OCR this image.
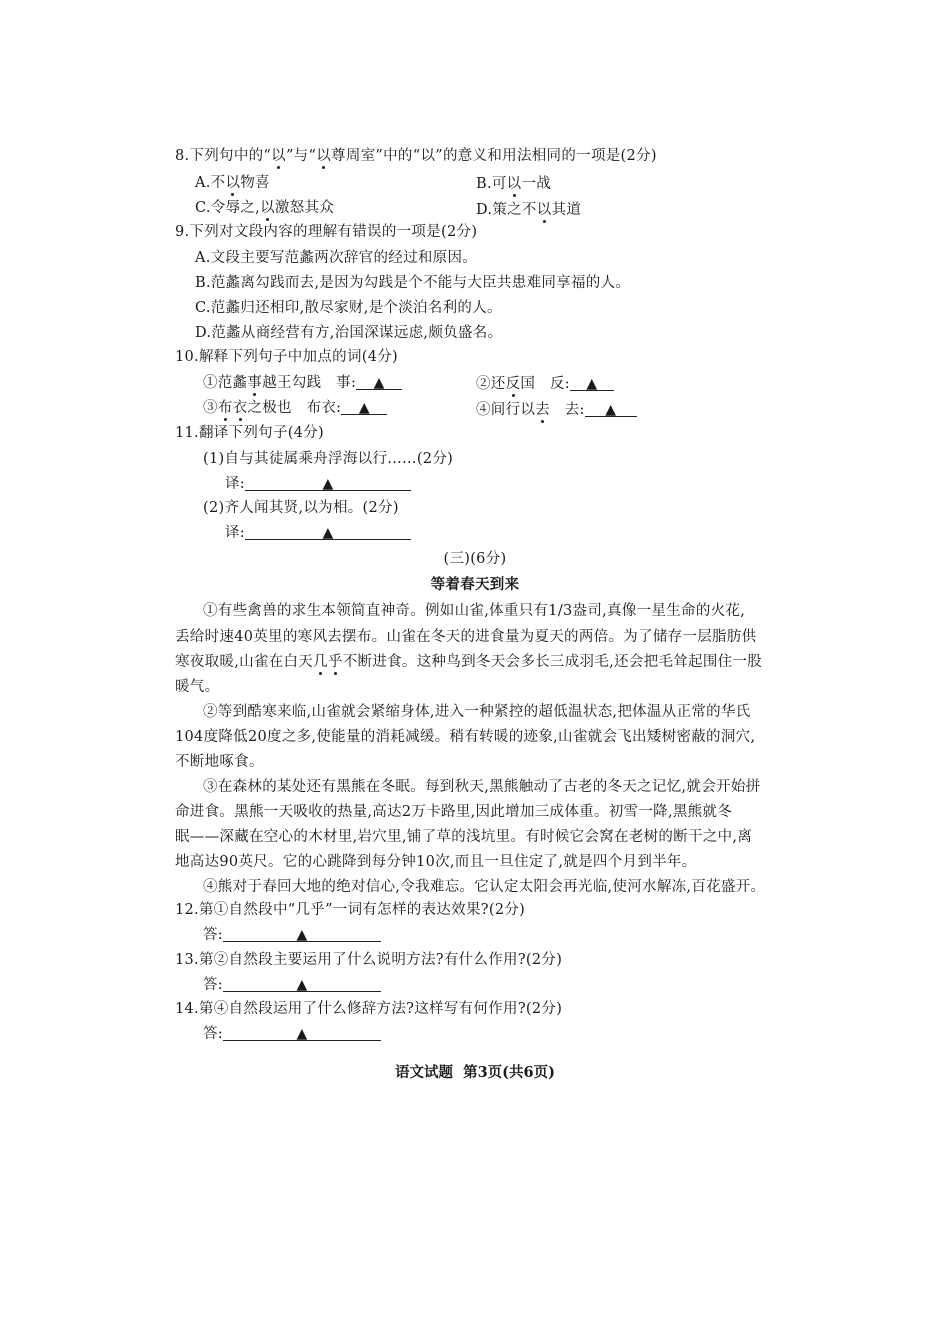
8.下列句中的“以”与“以尊周室”中的“以”的意义和用法相同的一项是(2分)
A.不以物喜	B.可以一战
C.令辱之,以激怒其众	D.策之不以其道
9.下列对文段内容的理解有错误的一项是(2分)
A.文段主要写范蠡两次辞官的经过和原因。
B.范蠡离勾践而去,是因为勾践是个不能与大臣共患难同享福的人。
C.范蠡归还相印,散尽家财,是个淡泊名利的人。
D.范蠡从商经营有方,治国深谋远虑,颇负盛名。
10.解释下列句子中加点的词(4分)
①范蠡事越王勾践 事: ▲	②还反国 反: ▲
③布衣之极也 布衣: ▲	④间行以去 去: ▲
11.翻译下列句子(4分)
(1)自与其徒属乘舟浮海以行……(2分)
译:	▲
(2)齐人闻其贤,以为相。(2分)
译:	▲
(三)(6分)
等着春天到来
①有些禽兽的求生本领简直神奇。例如山雀,体重只有1/3盎司,真像一星生命的火花,
丢给时速40英里的寒风去摆布。山雀在冬天的进食量为夏天的两倍。为了储存一层脂肪供
寒夜取暖,山雀在白天几乎不断进食。这种鸟到冬天会多长三成羽毛,还会把毛耸起围住一股
暖气。
②等到酷寒来临,山雀就会紧缩身体,进入一种紧控的超低温状态,把体温从正常的华氏
104度降低20度之多,使能量的消耗减缓。稍有转暖的迹象,山雀就会飞出矮树密蔽的洞穴,
不断地啄食。
③在森林的某处还有黑熊在冬眠。每到秋天,黑熊触动了古老的冬天之记忆,就会开始拼
命进食。黑熊一天吸收的热量,高达2万卡路里,因此增加三成体重。初雪一降,黑熊就冬
眠——深藏在空心的木材里,岩穴里,铺了草的浅坑里。有时候它会窝在老树的断干之中,离
地高达90英尺。它的心跳降到每分钟10次,而且一旦住定了,就是四个月到半年。
④熊对于春回大地的绝对信心,令我难忘。它认定太阳会再光临,使河水解冻,百花盛开。
12.第①自然段中“几乎”一词有怎样的表达效果?(2分)
答:	▲
13.第②自然段主要运用了什么说明方法?有什么作用?(2分)
答:	▲
14.第④自然段运用了什么修辞方法?这样写有何作用?(2分)
答:	▲
语文试题  第3页(共6页)
